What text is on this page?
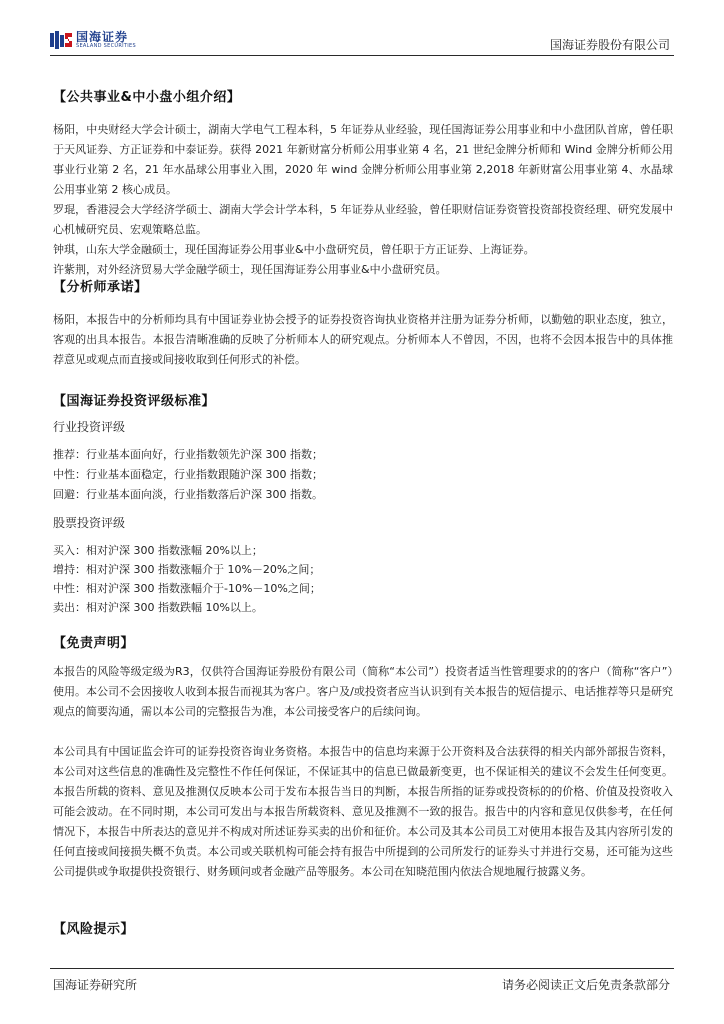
国海证券
SEALAND SECURITIES	国海证券股份有限公司
【公共事业&中小盘小组介绍】

杨阳，中央财经大学会计硕士，湖南大学电气工程本科，5 年证券从业经验，现任国海证券公用事业和中小盘团队首席，曾任职于天风证券、方正证券和中泰证券。获得 2021 年新财富分析师公用事业第 4 名，21 世纪金牌分析师和 Wind 金牌分析师公用事业行业第 2 名，21 年水晶球公用事业入围，2020 年 wind 金牌分析师公用事业第 2,2018 年新财富公用事业第 4、水晶球公用事业第 2 核心成员。

罗琨，香港浸会大学经济学硕士、湖南大学会计学本科，5 年证券从业经验，曾任职财信证券资管投资部投资经理、研究发展中心机械研究员、宏观策略总监。

钟琪，山东大学金融硕士，现任国海证券公用事业&中小盘研究员，曾任职于方正证券、上海证券。

许紫荆，对外经济贸易大学金融学硕士，现任国海证券公用事业&中小盘研究员。

【分析师承诺】
杨阳，本报告中的分析师均具有中国证券业协会授予的证券投资咨询执业资格并注册为证券分析师，以勤勉的职业态度，独立，客观的出具本报告。本报告清晰准确的反映了分析师本人的研究观点。分析师本人不曾因，不因，也将不会因本报告中的具体推荐意见或观点而直接或间接收取到任何形式的补偿。
【国海证券投资评级标准】
行业投资评级
推荐：行业基本面向好，行业指数领先沪深 300 指数；
中性：行业基本面稳定，行业指数跟随沪深 300 指数；
回避：行业基本面向淡，行业指数落后沪深 300 指数。
股票投资评级
买入：相对沪深 300 指数涨幅 20%以上；
增持：相对沪深 300 指数涨幅介于 10%－20%之间；
中性：相对沪深 300 指数涨幅介于-10%－10%之间；
卖出：相对沪深 300 指数跌幅 10%以上。
【免责声明】
本报告的风险等级定级为R3，仅供符合国海证券股份有限公司（简称“本公司”）投资者适当性管理要求的的客户（简称“客户”）使用。本公司不会因接收人收到本报告而视其为客户。客户及/或投资者应当认识到有关本报告的短信提示、电话推荐等只是研究观点的简要沟通，需以本公司的完整报告为准，本公司接受客户的后续问询。
本公司具有中国证监会许可的证券投资咨询业务资格。本报告中的信息均来源于公开资料及合法获得的相关内部外部报告资料，本公司对这些信息的准确性及完整性不作任何保证，不保证其中的信息已做最新变更，也不保证相关的建议不会发生任何变更。本报告所载的资料、意见及推测仅反映本公司于发布本报告当日的判断，本报告所指的证券或投资标的的价格、价值及投资收入可能会波动。在不同时期，本公司可发出与本报告所载资料、意见及推测不一致的报告。报告中的内容和意见仅供参考，在任何情况下，本报告中所表达的意见并不构成对所述证券买卖的出价和征价。本公司及其本公司员工对使用本报告及其内容所引发的任何直接或间接损失概不负责。本公司或关联机构可能会持有报告中所提到的公司所发行的证券头寸并进行交易，还可能为这些公司提供或争取提供投资银行、财务顾问或者金融产品等服务。本公司在知晓范围内依法合规地履行披露义务。
【风险提示】
国海证券研究所	请务必阅读正文后免责条款部分
